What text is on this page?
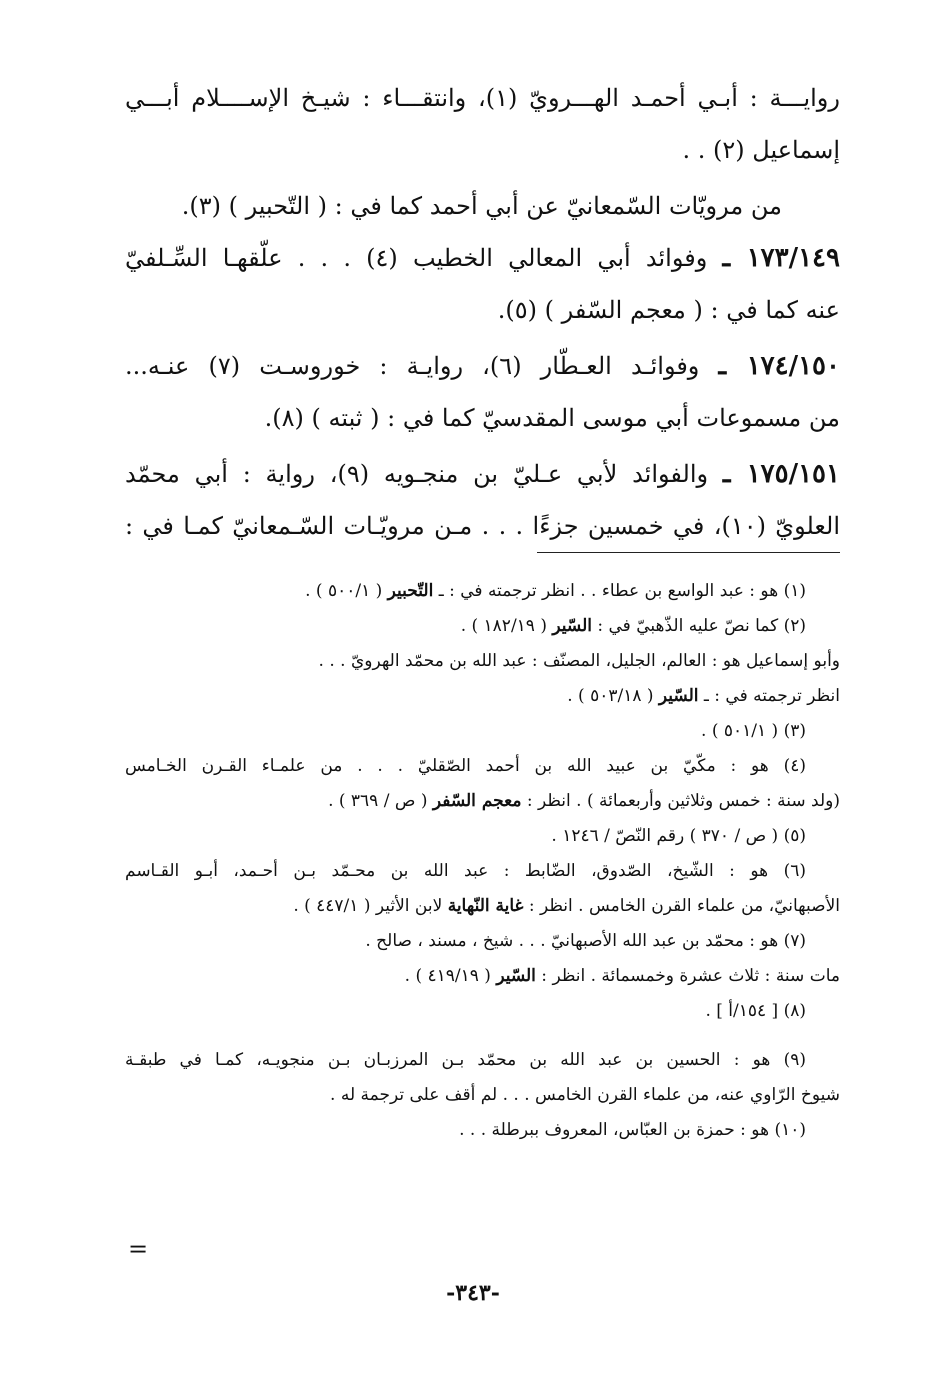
روايـــة : أبـي أحمـد الهـــرويّ (١)، وانتقـــاء : شيـخ الإســــلام أبـــي
إسماعيل (٢) . .
من مرويّات السّمعانيّ عن أبي أحمد كما في : ( التّحبير ) (٣).
١٧٣/١٤٩ ـ وفوائد أبي المعالي الخطيب (٤) . . . علّقهـا السِّـلفيّ
عنه كما في : ( معجم السّفر ) (٥).
١٧٤/١٥٠ ـ وفوائـد العـطّار (٦)، روايـة : خوروسـت (٧) عنـه...
من مسموعات أبي موسى المقدسيّ كما في : ( ثبته ) (٨).
١٧٥/١٥١ ـ والفوائد لأبي عـليّ بن منجـويه (٩)، رواية : أبي محمّد
العلويّ (١٠)، في خمسين جزءًا . . . مـن مرويّـات السّـمعانيّ كمـا في :
(١) هو : عبد الواسع بن عطاء . . انظر ترجمته في : ـ التّحبير ( ٥٠٠/١ ) .
(٢) كما نصّ عليه الذّهبيّ في : السّير ( ١٨٢/١٩ ) .
وأبو إسماعيل هو : العالم، الجليل، المصنّف : عبد الله بن محمّد الهرويّ . . .
انظر ترجمته في : ـ السّير ( ٥٠٣/١٨ ) .
(٣) ( ٥٠١/١ ) .
(٤) هو : مكّيّ بن عبيد الله بن أحمد الصّقليّ . . . من علمـاء القـرن الخـامس
(ولد سنة : خمس وثلاثين وأربعمائة ) . انظر : معجم السّفر ( ص / ٣٦٩ ) .
(٥) ( ص / ٣٧٠ ) رقم النّصّ / ١٢٤٦ .
(٦) هو : الشّيخ، الصّدوق، الضّابط : عبد الله بن محـمّد بـن أحـمد، أبـو القـاسم
الأصبهانيّ، من علماء القرن الخامس . انظر : غاية النّهاية لابن الأثير ( ٤٤٧/١ ) .
(٧) هو : محمّد بن عبد الله الأصبهانيّ . . . شيخ ، مسند ، صالح .
مات سنة : ثلاث عشرة وخمسمائة . انظر : السّير ( ٤١٩/١٩ ) .
(٨) [ ١٥٤/أ ] .
(٩) هو : الحسين بن عبد الله بن محمّد بـن المرزبـان بـن منجويـه، كمـا في طبقـة
شيوخ الرّاوي عنه، من علماء القرن الخامس . . . لم أقف على ترجمة له .
(١٠) هو : حمزة بن العبّاس، المعروف ببرطلة . . .
=
-٣٤٣-
